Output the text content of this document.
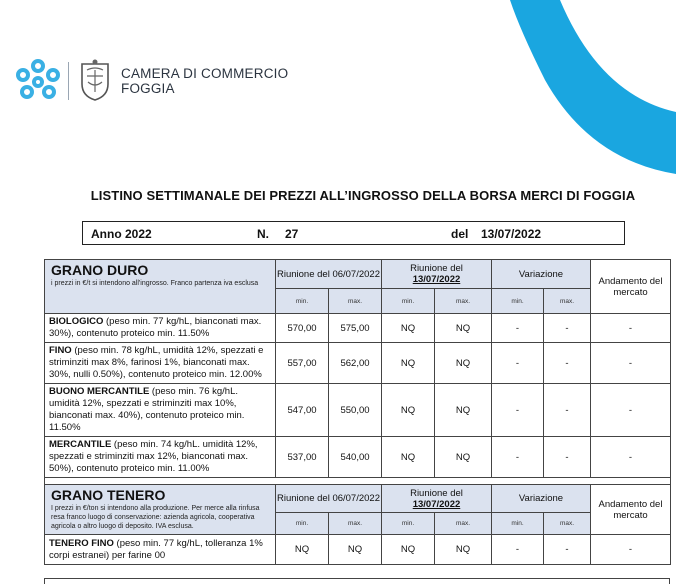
CAMERA DI COMMERCIO
FOGGIA
LISTINO SETTIMANALE DEI PREZZI ALL’INGROSSO DELLA BORSA MERCI DI FOGGIA
Anno 2022	N. 27	del 13/07/2022
GRANO DURO
i prezzi in €/t si intendono all'ingrosso. Franco partenza iva esclusa	Riunione del 06/07/2022		Riunione del
13/07/2022		Variazione		Andamento del mercato
	min.	max.	min.	max.	min.	max.	
BIOLOGICO (peso min. 77 kg/hL, bianconati max. 30%), contenuto proteico min. 11.50%	570,00	575,00	NQ	NQ	-	-	-
FINO (peso min. 78 kg/hL, umidità 12%, spezzati e striminziti max 8%, farinosi 1%, bianconati max. 30%, nulli 0.50%), contenuto proteico min. 12.00%	557,00	562,00	NQ	NQ	-	-	-
BUONO MERCANTILE (peso min. 76 kg/hL. umidità 12%, spezzati e striminziti max 10%, bianconati max. 40%), contenuto proteico min. 11.50%	547,00	550,00	NQ	NQ	-	-	-
MERCANTILE (peso min. 74 kg/hL. umidità 12%, spezzati e striminziti max 12%, bianconati max. 50%), contenuto proteico min. 11.00%	537,00	540,00	NQ	NQ	-	-	-

GRANO TENERO
I prezzi in €/ton si intendono alla produzione. Per merce alla rinfusa resa franco luogo di conservazione: azienda agricola, cooperativa agricola o altro luogo di deposito. IVA esclusa.	Riunione del 06/07/2022		Riunione del
13/07/2022		Variazione		Andamento del mercato
	min.	max.	min.	max.	min.	max.	
TENERO FINO (peso min. 77 kg/hL, tolleranza 1% corpi estranei) per farine 00	NQ	NQ	NQ	NQ	-	-	-
